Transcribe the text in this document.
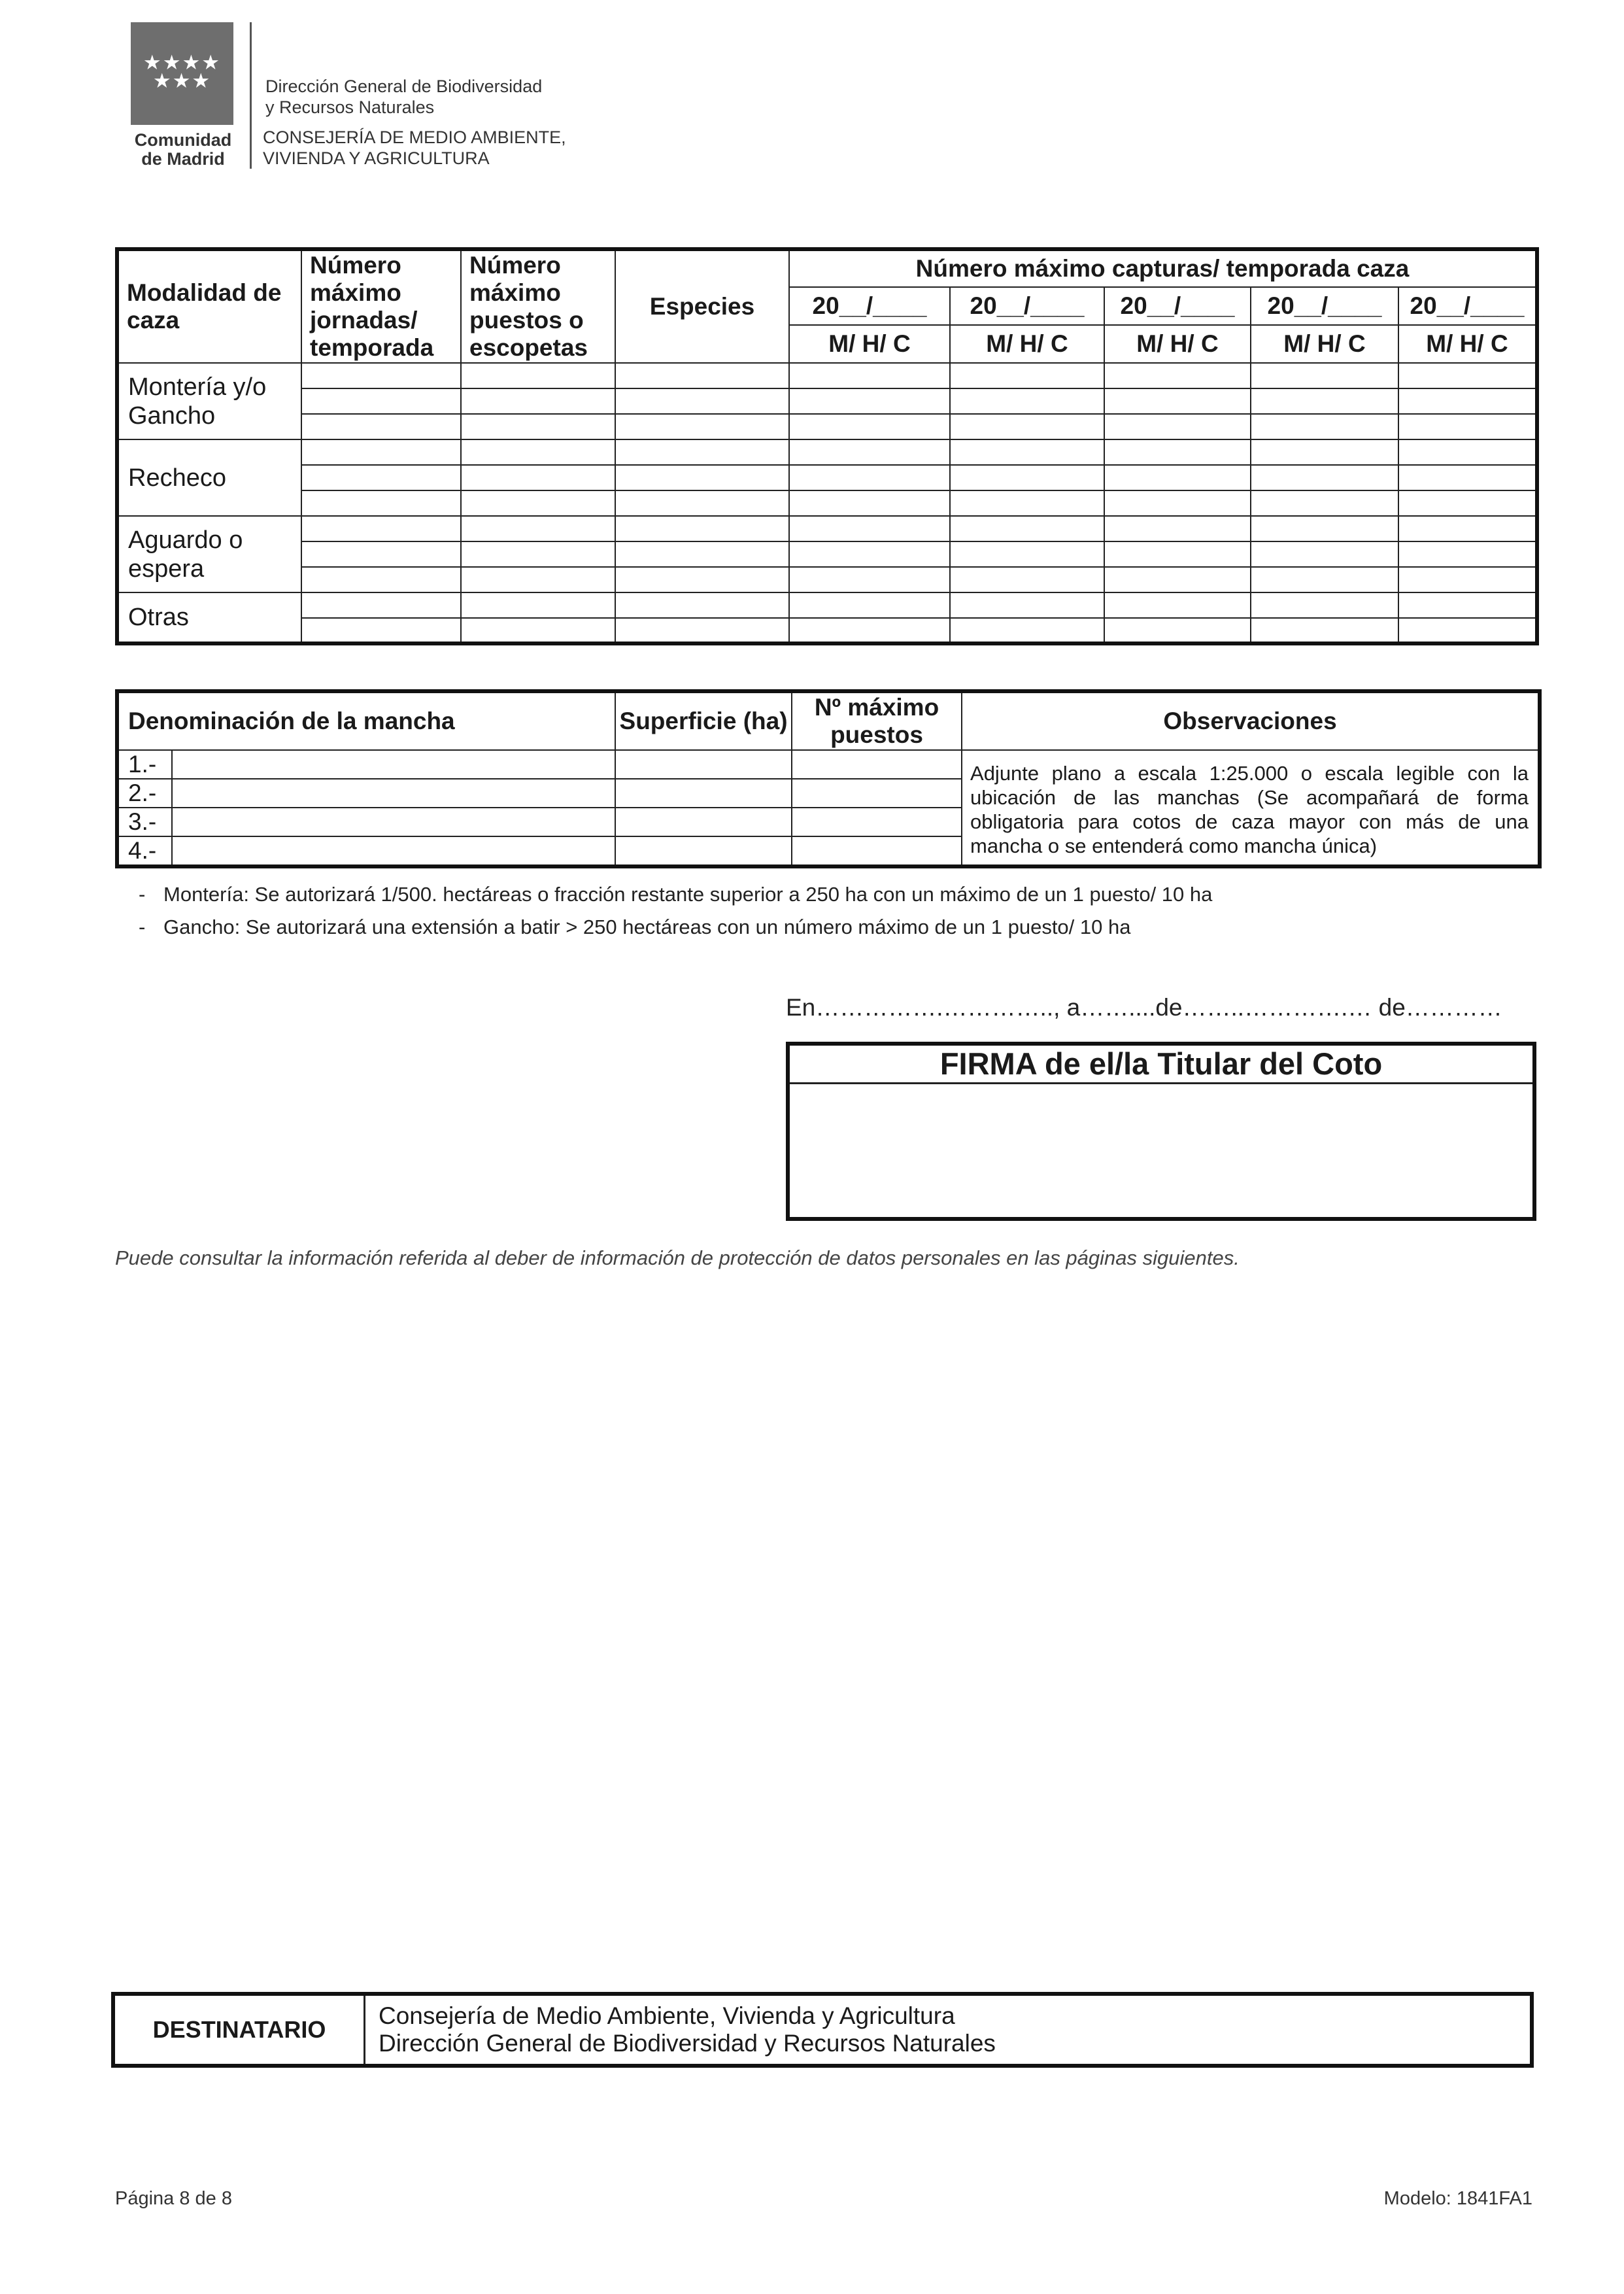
★★★★ ★★★
Comunidad
de Madrid
Dirección General de Biodiversidad
y Recursos Naturales
CONSEJERÍA DE MEDIO AMBIENTE,
VIVIENDA Y AGRICULTURA
Modalidad de caza	Número máximo jornadas/ temporada	Número máximo puestos o escopetas	Especies	Número máximo capturas/ temporada caza				
				20__/____	20__/____	20__/____	20__/____	20__/____
				M/ H/ C	M/ H/ C	M/ H/ C	M/ H/ C	M/ H/ C
Montería y/o Gancho								

Recheco								

Aguardo o espera								

Otras								

Denominación de la mancha		Superficie (ha)	Nº máximo puestos	Observaciones
1.-				Adjunte plano a escala 1:25.000 o escala legible con la ubicación de las manchas (Se acompañará de forma obligatoria para cotos de caza mayor con más de una mancha o se entenderá como mancha única)
2.-				
3.-				
4.-				
- Montería: Se autorizará 1/500. hectáreas o fracción restante superior a 250 ha con un máximo de un 1 puesto/ 10 ha
- Gancho: Se autorizará una extensión a batir > 250 hectáreas con un número máximo de un 1 puesto/ 10 ha
En…………….………….., a……....de……..………….… de…………
FIRMA de el/la Titular del Coto
Puede consultar la información referida al deber de información de protección de datos personales en las páginas siguientes.
DESTINATARIO	
Consejería de Medio Ambiente, Vivienda y Agricultura
Dirección General de Biodiversidad y Recursos Naturales
Página 8 de 8	Modelo: 1841FA1
